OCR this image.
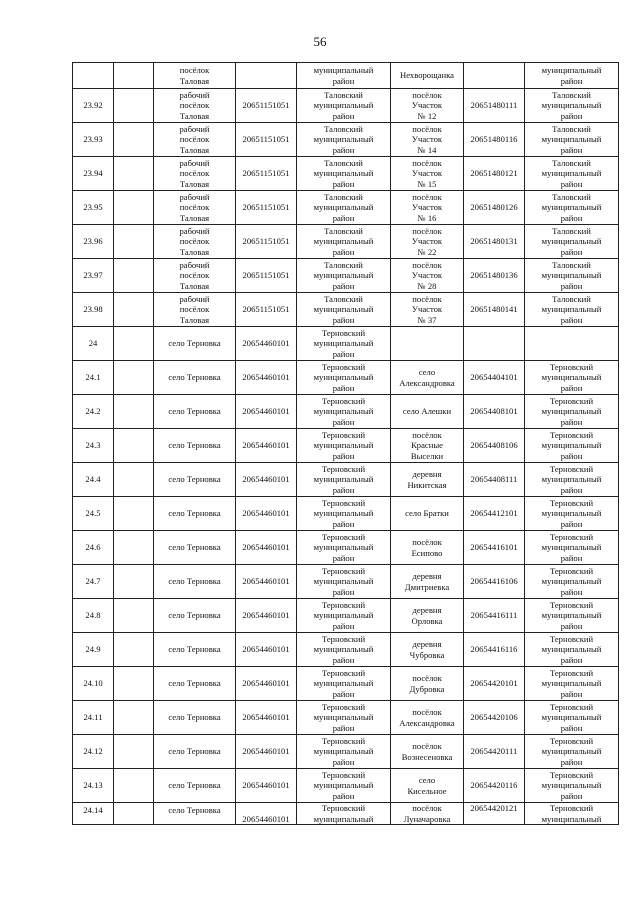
56
		посёлок
Таловая		муниципальный
район	Нехворощанка		муниципальный
район
23.92		рабочий
посёлок
Таловая	20651151051	Таловский
муниципальный
район	посёлок
Участок
№ 12	20651480111	Таловский
муниципальный
район
23.93		рабочий
посёлок
Таловая	20651151051	Таловский
муниципальный
район	посёлок
Участок
№ 14	20651480116	Таловский
муниципальный
район
23.94		рабочий
посёлок
Таловая	20651151051	Таловский
муниципальный
район	посёлок
Участок
№ 15	20651480121	Таловский
муниципальный
район
23.95		рабочий
посёлок
Таловая	20651151051	Таловский
муниципальный
район	посёлок
Участок
№ 16	20651480126	Таловский
муниципальный
район
23.96		рабочий
посёлок
Таловая	20651151051	Таловский
муниципальный
район	посёлок
Участок
№ 22	20651480131	Таловский
муниципальный
район
23.97		рабочий
посёлок
Таловая	20651151051	Таловский
муниципальный
район	посёлок
Участок
№ 28	20651480136	Таловский
муниципальный
район
23.98		рабочий
посёлок
Таловая	20651151051	Таловский
муниципальный
район	посёлок
Участок
№ 37	20651480141	Таловский
муниципальный
район
24		село Терновка	20654460101	Терновский
муниципальный
район			
24.1		село Терновка	20654460101	Терновский
муниципальный
район	село
Александровка	20654404101	Терновский
муниципальный
район
24.2		село Терновка	20654460101	Терновский
муниципальный
район	село Алешки	20654408101	Терновский
муниципальный
район
24.3		село Терновка	20654460101	Терновский
муниципальный
район	посёлок
Красные
Выселки	20654408106	Терновский
муниципальный
район
24.4		село Терновка	20654460101	Терновский
муниципальный
район	деревня
Никитская	20654408111	Терновский
муниципальный
район
24.5		село Терновка	20654460101	Терновский
муниципальный
район	село Братки	20654412101	Терновский
муниципальный
район
24.6		село Терновка	20654460101	Терновский
муниципальный
район	посёлок
Есипово	20654416101	Терновский
муниципальный
район
24.7		село Терновка	20654460101	Терновский
муниципальный
район	деревня
Дмитриевка	20654416106	Терновский
муниципальный
район
24.8		село Терновка	20654460101	Терновский
муниципальный
район	деревня
Орловка	20654416111	Терновский
муниципальный
район
24.9		село Терновка	20654460101	Терновский
муниципальный
район	деревня
Чубровка	20654416116	Терновский
муниципальный
район
24.10		село Терновка	20654460101	Терновский
муниципальный
район	посёлок
Дубровка	20654420101	Терновский
муниципальный
район
24.11		село Терновка	20654460101	Терновский
муниципальный
район	посёлок
Александровка	20654420106	Терновский
муниципальный
район
24.12		село Терновка	20654460101	Терновский
муниципальный
район	посёлок
Вознесеновка	20654420111	Терновский
муниципальный
район
24.13		село Терновка	20654460101	Терновский
муниципальный
район	село
Кисельное	20654420116	Терновский
муниципальный
район
24.14		село Терновка	20654460101	Терновский
муниципальный	посёлок
Луначаровка	20654420121	Терновский
муниципальный
